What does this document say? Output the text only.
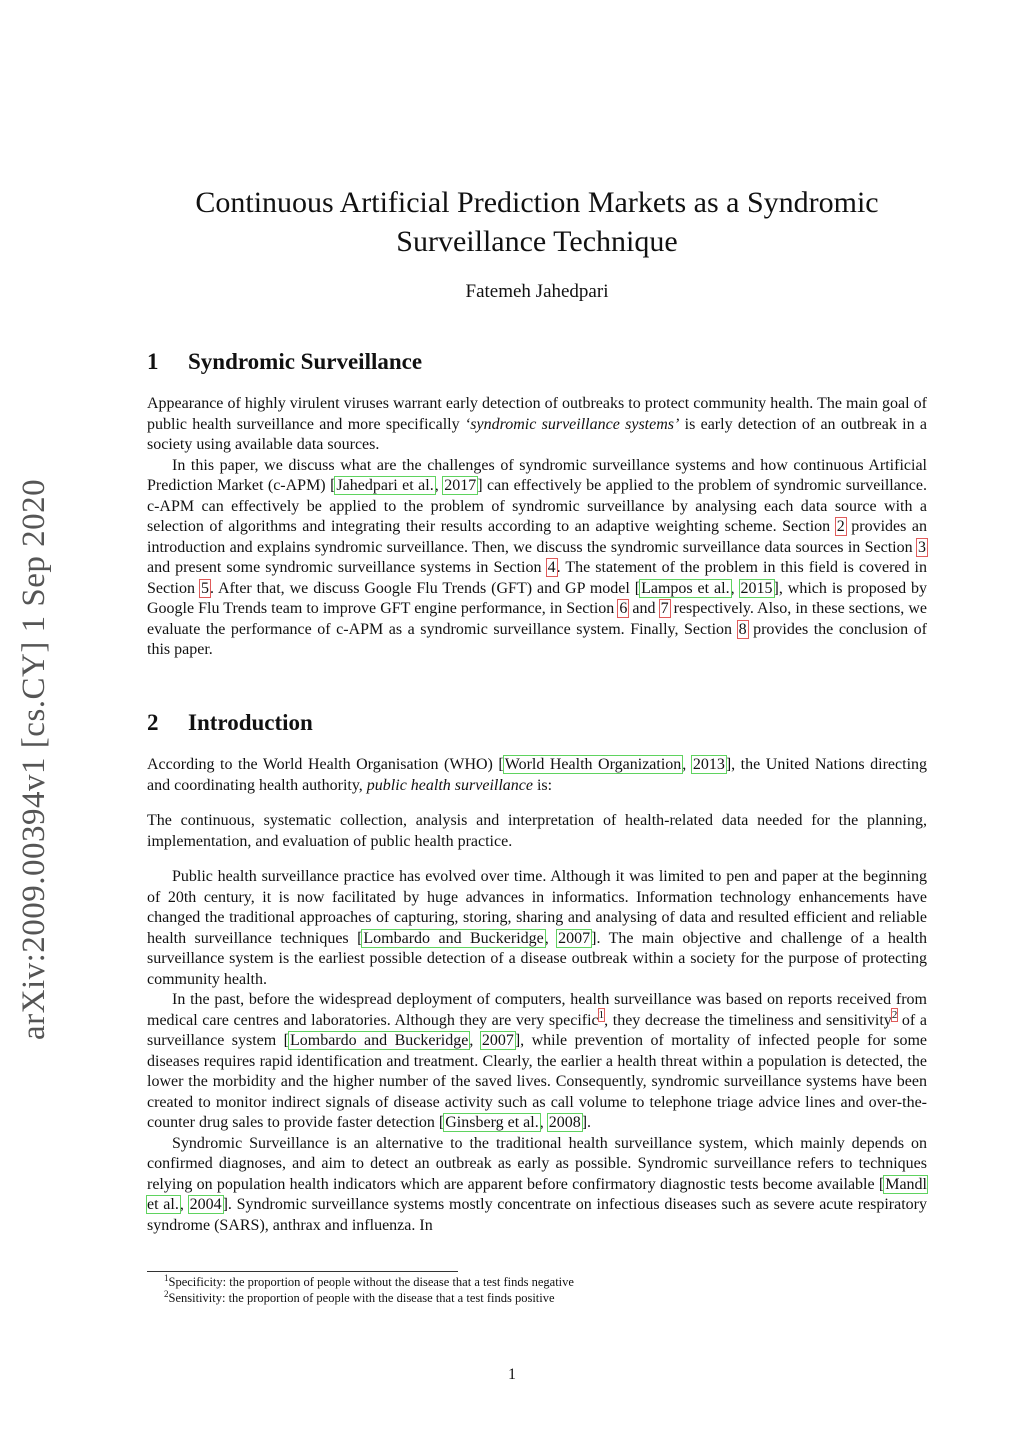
arXiv:2009.00394v1 [cs.CY] 1 Sep 2020
Continuous Artificial Prediction Markets as a Syndromic
Surveillance Technique
Fatemeh Jahedpari
1 Syndromic Surveillance

Appearance of highly virulent viruses warrant early detection of outbreaks to protect community health. The main goal of public health surveillance and more specifically ‘syndromic surveillance systems’ is early detection of an outbreak in a society using available data sources.

In this paper, we discuss what are the challenges of syndromic surveillance systems and how continuous Artificial Prediction Market (c-APM) [Jahedpari et al., 2017] can effectively be applied to the problem of syndromic surveillance. c-APM can effectively be applied to the problem of syndromic surveillance by analysing each data source with a selection of algorithms and integrating their results according to an adaptive weighting scheme. Section 2 provides an introduction and explains syndromic surveillance. Then, we discuss the syndromic surveillance data sources in Section 3 and present some syndromic surveillance systems in Section 4. The statement of the problem in this field is covered in Section 5. After that, we discuss Google Flu Trends (GFT) and GP model [Lampos et al., 2015], which is proposed by Google Flu Trends team to improve GFT engine performance, in Section 6 and 7 respectively. Also, in these sections, we evaluate the performance of c-APM as a syndromic surveillance system. Finally, Section 8 provides the conclusion of this paper.

2 Introduction

According to the World Health Organisation (WHO) [World Health Organization, 2013], the United Nations directing and coordinating health authority, public health surveillance is:

The continuous, systematic collection, analysis and interpretation of health-related data needed for the planning, implementation, and evaluation of public health practice.

Public health surveillance practice has evolved over time. Although it was limited to pen and paper at the beginning of 20th century, it is now facilitated by huge advances in informatics. Information technology enhancements have changed the traditional approaches of capturing, storing, sharing and analysing of data and resulted efficient and reliable health surveillance techniques [Lombardo and Buckeridge, 2007]. The main objective and challenge of a health surveillance system is the earliest possible detection of a disease outbreak within a society for the purpose of protecting community health.

In the past, before the widespread deployment of computers, health surveillance was based on reports received from medical care centres and laboratories. Although they are very specific$^1$, they decrease the timeliness and sensitivity$^2$ of a surveillance system [Lombardo and Buckeridge, 2007], while prevention of mortality of infected people for some diseases requires rapid identification and treatment. Clearly, the earlier a health threat within a population is detected, the lower the morbidity and the higher number of the saved lives. Consequently, syndromic surveillance systems have been created to monitor indirect signals of disease activity such as call volume to telephone triage advice lines and over-the-counter drug sales to provide faster detection [Ginsberg et al., 2008].

Syndromic Surveillance is an alternative to the traditional health surveillance system, which mainly depends on confirmed diagnoses, and aim to detect an outbreak as early as possible. Syndromic surveillance refers to techniques relying on population health indicators which are apparent before confirmatory diagnostic tests become available [Mandl et al., 2004]. Syndromic surveillance systems mostly concentrate on infectious diseases such as severe acute respiratory syndrome (SARS), anthrax and influenza. In

$^1$Specificity: the proportion of people without the disease that a test finds negative
$^2$Sensitivity: the proportion of people with the disease that a test finds positive
1
